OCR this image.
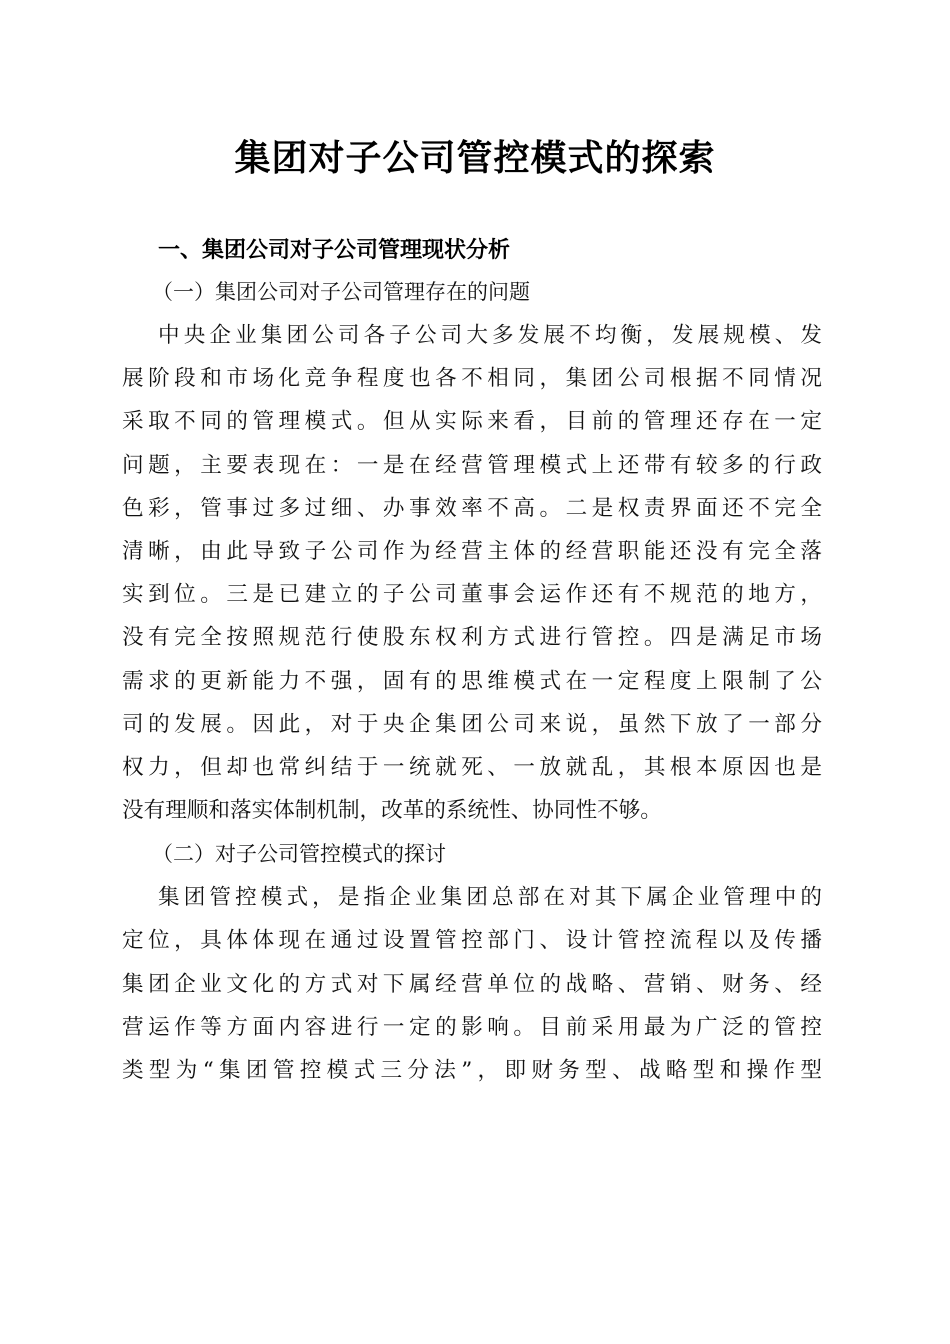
集团对子公司管控模式的探索
一、集团公司对子公司管理现状分析
（一）集团公司对子公司管理存在的问题
中央企业集团公司各子公司大多发展不均衡，发展规模、发
展阶段和市场化竞争程度也各不相同，集团公司根据不同情况
采取不同的管理模式。但从实际来看，目前的管理还存在一定
问题，主要表现在：一是在经营管理模式上还带有较多的行政
色彩，管事过多过细、办事效率不高。二是权责界面还不完全
清晰，由此导致子公司作为经营主体的经营职能还没有完全落
实到位。三是已建立的子公司董事会运作还有不规范的地方，
没有完全按照规范行使股东权利方式进行管控。四是满足市场
需求的更新能力不强，固有的思维模式在一定程度上限制了公
司的发展。因此，对于央企集团公司来说，虽然下放了一部分
权力，但却也常纠结于一统就死、一放就乱，其根本原因也是
没有理顺和落实体制机制，改革的系统性、协同性不够。
（二）对子公司管控模式的探讨
集团管控模式，是指企业集团总部在对其下属企业管理中的
定位，具体体现在通过设置管控部门、设计管控流程以及传播
集团企业文化的方式对下属经营单位的战略、营销、财务、经
营运作等方面内容进行一定的影响。目前采用最为广泛的管控
类型为“集团管控模式三分法”，即财务型、战略型和操作型
